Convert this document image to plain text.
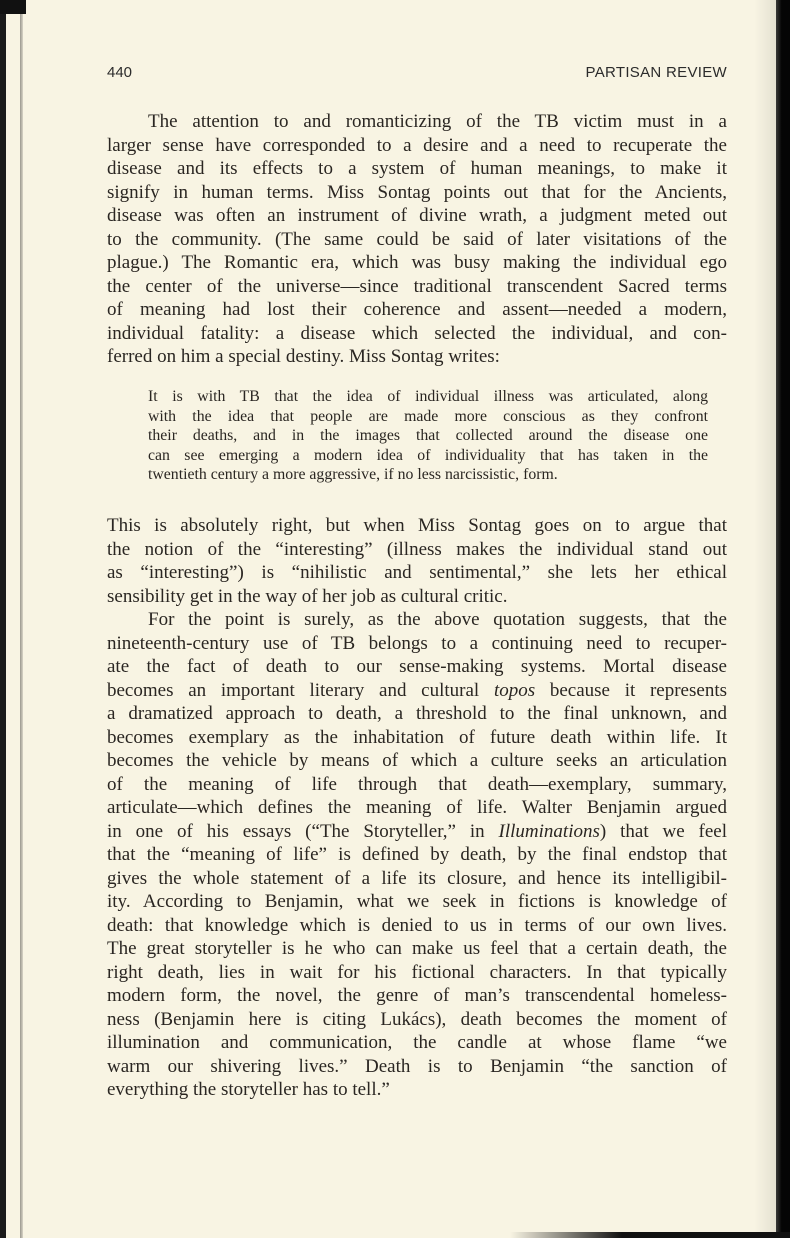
440	PARTISAN REVIEW
The attention to and romanticizing of the TB victim must in a
larger sense have corresponded to a desire and a need to recuperate the
disease and its effects to a system of human meanings, to make it
signify in human terms. Miss Sontag points out that for the Ancients,
disease was often an instrument of divine wrath, a judgment meted out
to the community. (The same could be said of later visitations of the
plague.) The Romantic era, which was busy making the individual ego
the center of the universe—since traditional transcendent Sacred terms
of meaning had lost their coherence and assent—needed a modern,
individual fatality: a disease which selected the individual, and con-
ferred on him a special destiny. Miss Sontag writes:
It is with TB that the idea of individual illness was articulated, along
with the idea that people are made more conscious as they confront
their deaths, and in the images that collected around the disease one
can see emerging a modern idea of individuality that has taken in the
twentieth century a more aggressive, if no less narcissistic, form.
This is absolutely right, but when Miss Sontag goes on to argue that
the notion of the “interesting” (illness makes the individual stand out
as “interesting”) is “nihilistic and sentimental,” she lets her ethical
sensibility get in the way of her job as cultural critic.
For the point is surely, as the above quotation suggests, that the
nineteenth-century use of TB belongs to a continuing need to recuper-
ate the fact of death to our sense-making systems. Mortal disease
becomes an important literary and cultural topos because it represents
a dramatized approach to death, a threshold to the final unknown, and
becomes exemplary as the inhabitation of future death within life. It
becomes the vehicle by means of which a culture seeks an articulation
of the meaning of life through that death—exemplary, summary,
articulate—which defines the meaning of life. Walter Benjamin argued
in one of his essays (“The Storyteller,” in Illuminations) that we feel
that the “meaning of life” is defined by death, by the final endstop that
gives the whole statement of a life its closure, and hence its intelligibil-
ity. According to Benjamin, what we seek in fictions is knowledge of
death: that knowledge which is denied to us in terms of our own lives.
The great storyteller is he who can make us feel that a certain death, the
right death, lies in wait for his fictional characters. In that typically
modern form, the novel, the genre of man’s transcendental homeless-
ness (Benjamin here is citing Lukács), death becomes the moment of
illumination and communication, the candle at whose flame “we
warm our shivering lives.” Death is to Benjamin “the sanction of
everything the storyteller has to tell.”
